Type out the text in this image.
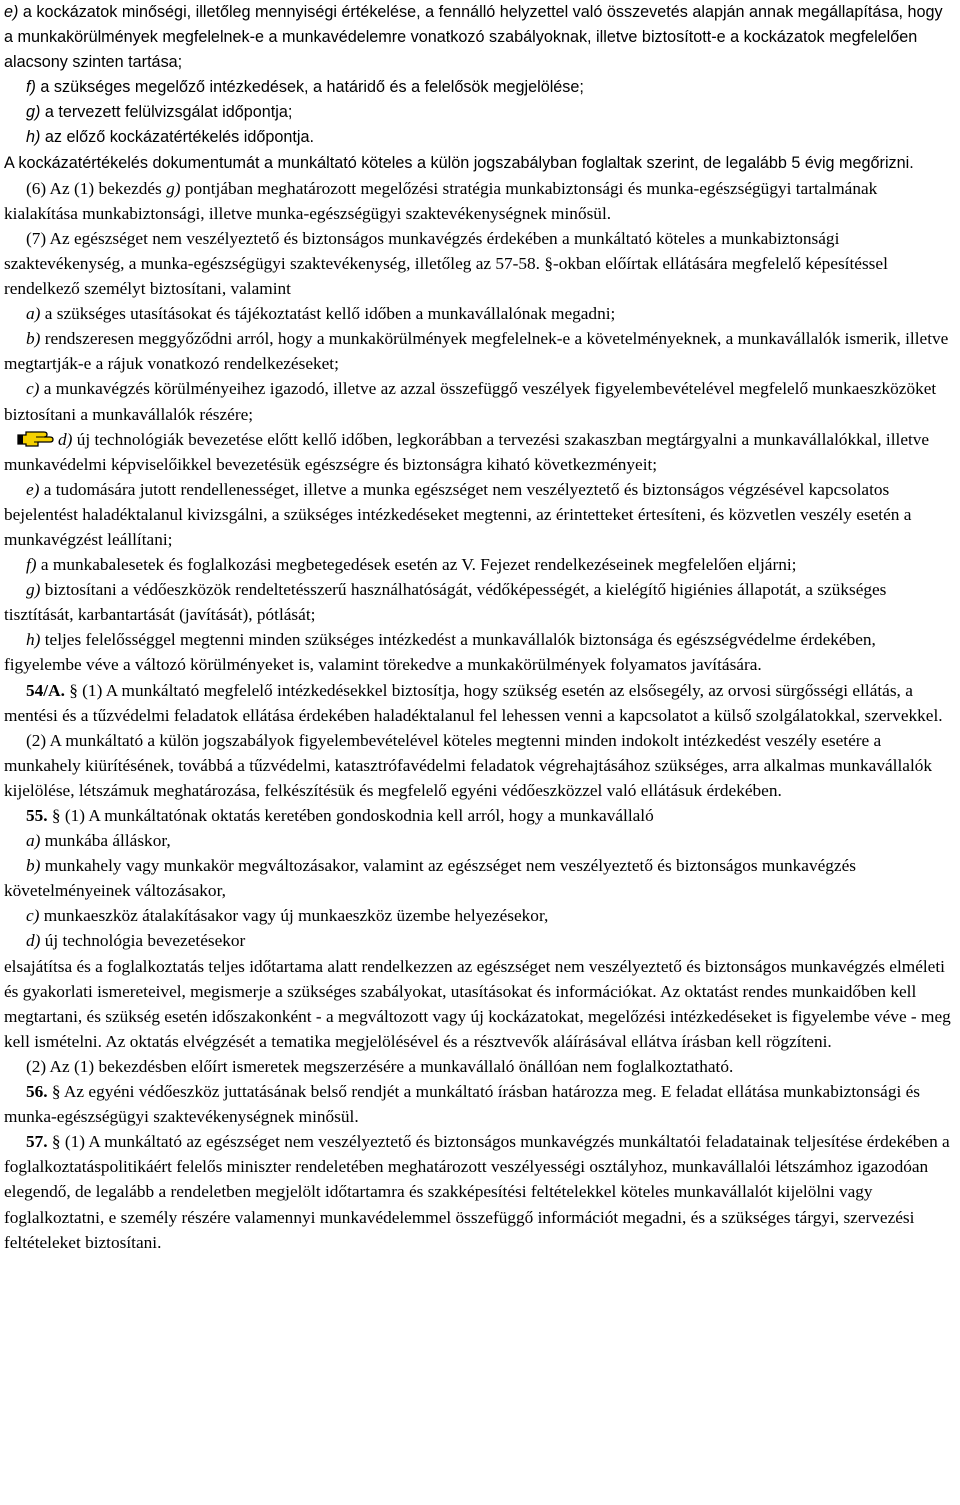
e) a kockázatok minőségi, illetőleg mennyiségi értékelése, a fennálló helyzettel való összevetés alapján annak megállapítása, hogy a munkakörülmények megfelelnek-e a munkavédelemre vonatkozó szabályoknak, illetve biztosított-e a kockázatok megfelelően alacsony szinten tartása;

f) a szükséges megelőző intézkedések, a határidő és a felelősök megjelölése;

g) a tervezett felülvizsgálat időpontja;

h) az előző kockázatértékelés időpontja.

A kockázatértékelés dokumentumát a munkáltató köteles a külön jogszabályban foglaltak szerint, de legalább 5 évig megőrizni.

(6) Az (1) bekezdés g) pontjában meghatározott megelőzési stratégia munkabiztonsági és munka-egészségügyi tartalmának kialakítása munkabiztonsági, illetve munka-egészségügyi szaktevékenységnek minősül.

(7) Az egészséget nem veszélyeztető és biztonságos munkavégzés érdekében a munkáltató köteles a munkabiztonsági szaktevékenység, a munka-egészségügyi szaktevékenység, illetőleg az 57-58. §-okban előírtak ellátására megfelelő képesítéssel rendelkező személyt biztosítani, valamint

a) a szükséges utasításokat és tájékoztatást kellő időben a munkavállalónak megadni;

b) rendszeresen meggyőződni arról, hogy a munkakörülmények megfelelnek-e a követelményeknek, a munkavállalók ismerik, illetve megtartják-e a rájuk vonatkozó rendelkezéseket;

c) a munkavégzés körülményeihez igazodó, illetve az azzal összefüggő veszélyek figyelembevételével megfelelő munkaeszközöket biztosítani a munkavállalók részére;

d) új technológiák bevezetése előtt kellő időben, legkorábban a tervezési szakaszban megtárgyalni a munkavállalókkal, illetve munkavédelmi képviselőikkel bevezetésük egészségre és biztonságra kiható következményeit;

e) a tudomására jutott rendellenességet, illetve a munka egészséget nem veszélyeztető és biztonságos végzésével kapcsolatos bejelentést haladéktalanul kivizsgálni, a szükséges intézkedéseket megtenni, az érintetteket értesíteni, és közvetlen veszély esetén a munkavégzést leállítani;

f) a munkabalesetek és foglalkozási megbetegedések esetén az V. Fejezet rendelkezéseinek megfelelően eljárni;

g) biztosítani a védőeszközök rendeltetésszerű használhatóságát, védőképességét, a kielégítő higiénies állapotát, a szükséges tisztítását, karbantartását (javítását), pótlását;

h) teljes felelősséggel megtenni minden szükséges intézkedést a munkavállalók biztonsága és egészségvédelme érdekében, figyelembe véve a változó körülményeket is, valamint törekedve a munkakörülmények folyamatos javítására.

54/A. § (1) A munkáltató megfelelő intézkedésekkel biztosítja, hogy szükség esetén az elsősegély, az orvosi sürgősségi ellátás, a mentési és a tűzvédelmi feladatok ellátása érdekében haladéktalanul fel lehessen venni a kapcsolatot a külső szolgálatokkal, szervekkel.

(2) A munkáltató a külön jogszabályok figyelembevételével köteles megtenni minden indokolt intézkedést veszély esetére a munkahely kiürítésének, továbbá a tűzvédelmi, katasztrófavédelmi feladatok végrehajtásához szükséges, arra alkalmas munkavállalók kijelölése, létszámuk meghatározása, felkészítésük és megfelelő egyéni védőeszközzel való ellátásuk érdekében.

55. § (1) A munkáltatónak oktatás keretében gondoskodnia kell arról, hogy a munkavállaló

a) munkába álláskor,

b) munkahely vagy munkakör megváltozásakor, valamint az egészséget nem veszélyeztető és biztonságos munkavégzés követelményeinek változásakor,

c) munkaeszköz átalakításakor vagy új munkaeszköz üzembe helyezésekor,

d) új technológia bevezetésekor

elsajátítsa és a foglalkoztatás teljes időtartama alatt rendelkezzen az egészséget nem veszélyeztető és biztonságos munkavégzés elméleti és gyakorlati ismereteivel, megismerje a szükséges szabályokat, utasításokat és információkat. Az oktatást rendes munkaidőben kell megtartani, és szükség esetén időszakonként - a megváltozott vagy új kockázatokat, megelőzési intézkedéseket is figyelembe véve - meg kell ismételni. Az oktatás elvégzését a tematika megjelölésével és a résztvevők aláírásával ellátva írásban kell rögzíteni.

(2) Az (1) bekezdésben előírt ismeretek megszerzésére a munkavállaló önállóan nem foglalkoztatható.

56. § Az egyéni védőeszköz juttatásának belső rendjét a munkáltató írásban határozza meg. E feladat ellátása munkabiztonsági és munka-egészségügyi szaktevékenységnek minősül.

57. § (1) A munkáltató az egészséget nem veszélyeztető és biztonságos munkavégzés munkáltatói feladatainak teljesítése érdekében a foglalkoztatáspolitikáért felelős miniszter rendeletében meghatározott veszélyességi osztályhoz, munkavállalói létszámhoz igazodóan elegendő, de legalább a rendeletben megjelölt időtartamra és szakképesítési feltételekkel köteles munkavállalót kijelölni vagy foglalkoztatni, e személy részére valamennyi munkavédelemmel összefüggő információt megadni, és a szükséges tárgyi, szervezési feltételeket biztosítani.
